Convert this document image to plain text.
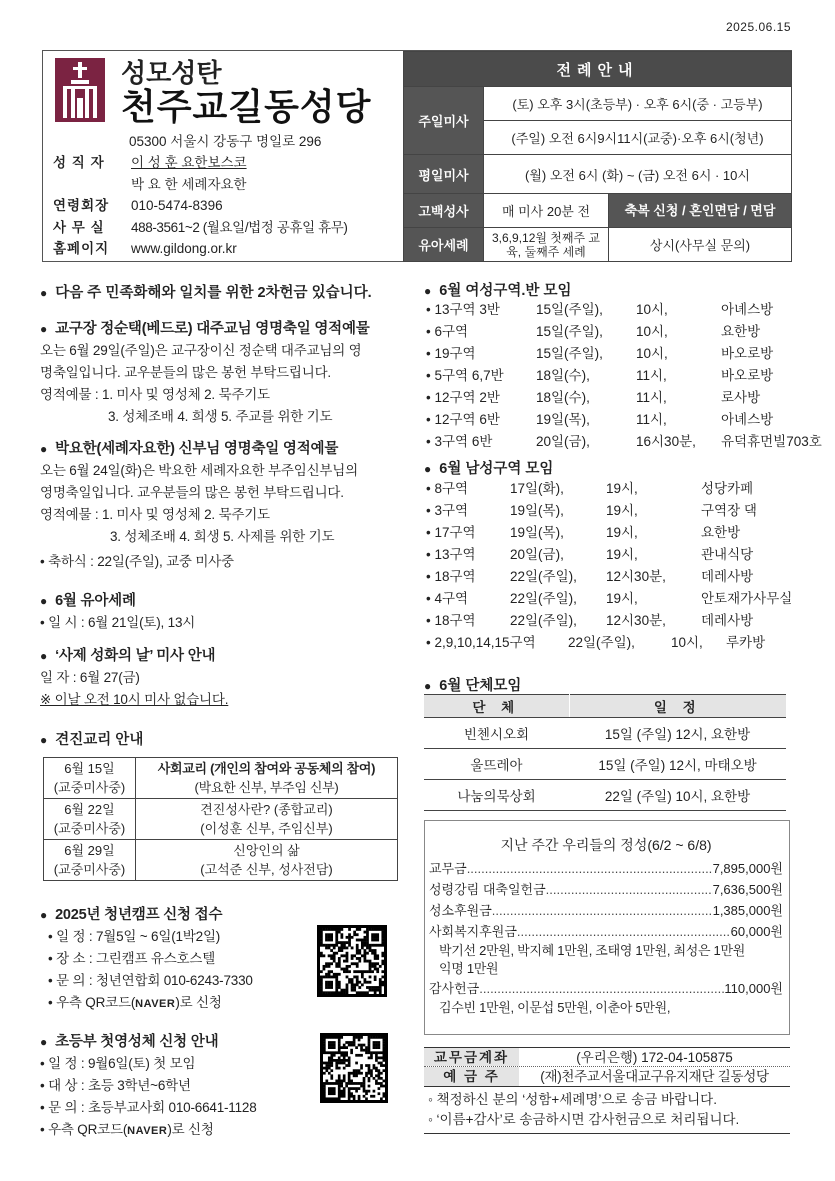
2025.06.15
성모성탄
천주교길동성당
05300 서울시 강동구 명일로 296
성 직 자 이 성 훈 요한보스코
박 요 한 세례자요한
연령회장 010-5474-8396
사 무 실 488-3561~2 (월요일/법정 공휴일 휴무)
홈페이지 www.gildong.or.kr
전례안내		
주일미사	(토) 오후 3시(초등부) · 오후 6시(중 · 고등부)	
	(주일) 오전 6시9시11시(교중)·오후 6시(청년)	
평일미사	(월) 오전 6시 (화) ~ (금) 오전 6시 · 10시	
고백성사	매 미사 20분 전	축복 신청 / 혼인면담 / 면담
유아세례	3,6,9,12월 첫째주 교육, 둘째주 세례	상시(사무실 문의)
● 다음 주 민족화해와 일치를 위한 2차헌금 있습니다.
● 교구장 정순택(베드로) 대주교님 영명축일 영적예물
오는 6월 29일(주일)은 교구장이신 정순택 대주교님의 영
명축일입니다. 교우분들의 많은 봉헌 부탁드립니다.
영적예물 : 1. 미사 및 영성체 2. 묵주기도
3. 성체조배 4. 희생 5. 주교를 위한 기도
● 박요한(세례자요한) 신부님 영명축일 영적예물
오는 6월 24일(화)은 박요한 세례자요한 부주임신부님의
영명축일입니다. 교우분들의 많은 봉헌 부탁드립니다.
영적예물 : 1. 미사 및 영성체 2. 묵주기도
3. 성체조배 4. 희생 5. 사제를 위한 기도
• 축하식 : 22일(주일), 교중 미사중
● 6월 유아세례
• 일 시 : 6월 21일(토), 13시
● ‘사제 성화의 날’ 미사 안내
일 자 : 6월 27(금)
※ 이날 오전 10시 미사 없습니다.
● 견진교리 안내
6월 15일
(교중미사중)	사회교리 (개인의 참여와 공동체의 참여)
(박요한 신부, 부주임 신부)
6월 22일
(교중미사중)	견진성사란? (종합교리)
(이성훈 신부, 주임신부)
6월 29일
(교중미사중)	신앙인의 삶
(고석준 신부, 성사전담)
● 2025년 청년캠프 신청 접수
• 일 정 : 7월5일 ~ 6일(1박2일)
• 장 소 : 그린캠프 유스호스텔
• 문 의 : 청년연합회 010-6243-7330
• 우측 QR코드(NAVER)로 신청
● 초등부 첫영성체 신청 안내
• 일 정 : 9월6일(토) 첫 모임
• 대 상 : 초등 3학년~6학년
• 문 의 : 초등부교사회 010-6641-1128
• 우측 QR코드(NAVER)로 신청
● 6월 여성구역.반 모임
• 13구역 3반	15일(주일), 10시,	아녜스방
• 6구역	15일(주일), 10시,	요한방
• 19구역	15일(주일), 10시,	바오로방
• 5구역 6,7반 18일(수),	11시,	바오로방
• 12구역 2반	18일(수),	11시,	로사방
• 12구역 6반	19일(목),	11시,	아녜스방
• 3구역 6반	20일(금),	16시30분, 유덕휴먼빌703호
● 6월 남성구역 모임
• 8구역	17일(화),	19시,	성당카페
• 3구역	19일(목),	19시,	구역장 댁
• 17구역	19일(목),	19시,	요한방
• 13구역	20일(금),	19시,	관내식당
• 18구역	22일(주일), 12시30분,	데레사방
• 4구역	22일(주일), 19시,	안토재가사무실
• 18구역	22일(주일), 12시30분,	데레사방
• 2,9,10,14,15구역 22일(주일),	10시, 루카방
● 6월 단체모임
단 체	일 정
빈첸시오회	15일 (주일) 12시, 요한방
울뜨레아	15일 (주일) 12시, 마태오방
나눔의묵상회	22일 (주일) 10시, 요한방
지난 주간 우리들의 정성(6/2 ~ 6/8)
교무금 .....	7,895,000원
성령강림 대축일헌금 .....	7,636,500원
성소후원금 .....	1,385,000원
사회복지후원금 .....	60,000원
박기선 2만원, 박지혜 1만원, 조태영 1만원, 최성은 1만원
익명 1만원
감사헌금 .....	110,000원
김수빈 1만원, 이문섭 5만원, 이춘아 5만원,
교무금계좌	(우리은행) 172-04-105875
예 금 주	(재)천주교서울대교구유지재단 길동성당
◦ 책정하신 분의 ‘성함+세례명’으로 송금 바랍니다.
◦ ‘이름+감사’로 송금하시면 감사헌금으로 처리됩니다.
